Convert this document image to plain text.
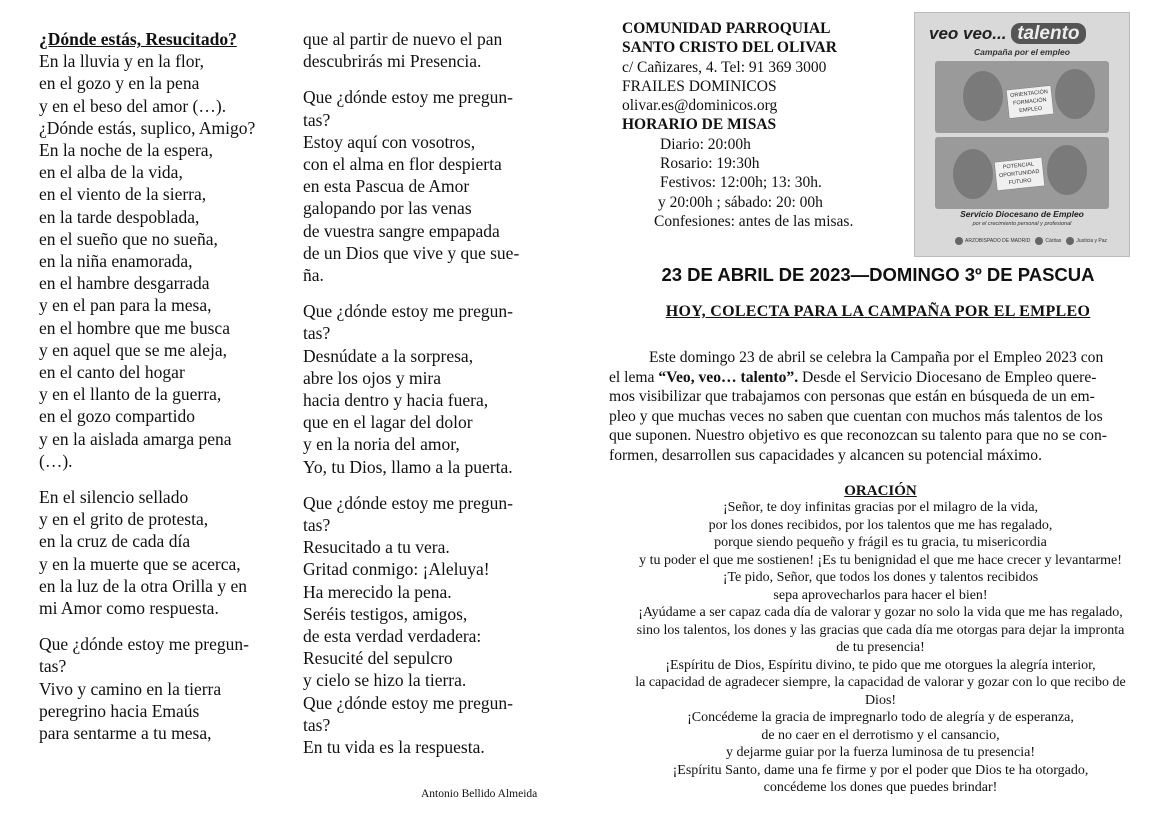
¿Dónde estás, Resucitado?
En la lluvia y en la flor,
en el gozo y en la pena
y en el beso del amor (…).
¿Dónde estás, suplico, Amigo?
En la noche de la espera,
en el alba de la vida,
en el viento de la sierra,
en la tarde despoblada,
en el sueño que no sueña,
en la niña enamorada,
en el hambre desgarrada
y en el pan para la mesa,
en el hombre que me busca
y en aquel que se me aleja,
en el canto del hogar
y en el llanto de la guerra,
en el gozo compartido
y en la aislada amarga pena
(…).
En el silencio sellado
y en el grito de protesta,
en la cruz de cada día
y en la muerte que se acerca,
en la luz de la otra Orilla y en
mi Amor como respuesta.
Que ¿dónde estoy me pregun-
tas?
Vivo y camino en la tierra
peregrino hacia Emaús
para sentarme a tu mesa,
que al partir de nuevo el pan
descubrirás mi Presencia.
Que ¿dónde estoy me pregun-
tas?
Estoy aquí con vosotros,
con el alma en flor despierta
en esta Pascua de Amor
galopando por las venas
de vuestra sangre empapada
de un Dios que vive y que sue-
ña.
Que ¿dónde estoy me pregun-
tas?
Desnúdate a la sorpresa,
abre los ojos y mira
hacia dentro y hacia fuera,
que en el lagar del dolor
y en la noria del amor,
Yo, tu Dios, llamo a la puerta.
Que ¿dónde estoy me pregun-
tas?
Resucitado a tu vera.
Gritad conmigo: ¡Aleluya!
Ha merecido la pena.
Seréis testigos, amigos,
de esta verdad verdadera:
Resucité del sepulcro
y cielo se hizo la tierra.
Que ¿dónde estoy me pregun-
tas?
En tu vida es la respuesta.
Antonio Bellido Almeida
COMUNIDAD PARROQUIAL
SANTO CRISTO DEL OLIVAR
c/ Cañizares, 4. Tel: 91 369 3000
FRAILES DOMINICOS
olivar.es@dominicos.org
HORARIO DE MISAS
Diario: 20:00h
Rosario: 19:30h
Festivos: 12:00h; 13: 30h.
y 20:00h ; sábado: 20: 00h
Confesiones: antes de las misas.
veo veo... talento
Campaña por el empleo
ORIENTACIÓN
FORMACIÓN
EMPLEO
POTENCIAL
OPORTUNIDAD
FUTURO
Servicio Diocesano de Empleo
por el crecimiento personal y profesional
ARZOBISPADO DE MADRID	Cáritas	Justicia y Paz
23 DE ABRIL DE 2023—DOMINGO 3º DE PASCUA
HOY, COLECTA PARA LA CAMPAÑA POR EL EMPLEO
Este domingo 23 de abril se celebra la Campaña por el Empleo 2023 con
el lema “Veo, veo… talento”. Desde el Servicio Diocesano de Empleo quere-
mos visibilizar que trabajamos con personas que están en búsqueda de un em-
pleo y que muchas veces no saben que cuentan con muchos más talentos de los
que suponen. Nuestro objetivo es que reconozcan su talento para que no se con-
formen, desarrollen sus capacidades y alcancen su potencial máximo.
ORACIÓN
¡Señor, te doy infinitas gracias por el milagro de la vida,
por los dones recibidos, por los talentos que me has regalado,
porque siendo pequeño y frágil es tu gracia, tu misericordia
y tu poder el que me sostienen! ¡Es tu benignidad el que me hace crecer y levantarme!
¡Te pido, Señor, que todos los dones y talentos recibidos
sepa aprovecharlos para hacer el bien!
¡Ayúdame a ser capaz cada día de valorar y gozar no solo la vida que me has regalado,
sino los talentos, los dones y las gracias que cada día me otorgas para dejar la impronta
de tu presencia!
¡Espíritu de Dios, Espíritu divino, te pido que me otorgues la alegría interior,
la capacidad de agradecer siempre, la capacidad de valorar y gozar con lo que recibo de
Dios!
¡Concédeme la gracia de impregnarlo todo de alegría y de esperanza,
de no caer en el derrotismo y el cansancio,
y dejarme guiar por la fuerza luminosa de tu presencia!
¡Espíritu Santo, dame una fe firme y por el poder que Dios te ha otorgado,
concédeme los dones que puedes brindar!
